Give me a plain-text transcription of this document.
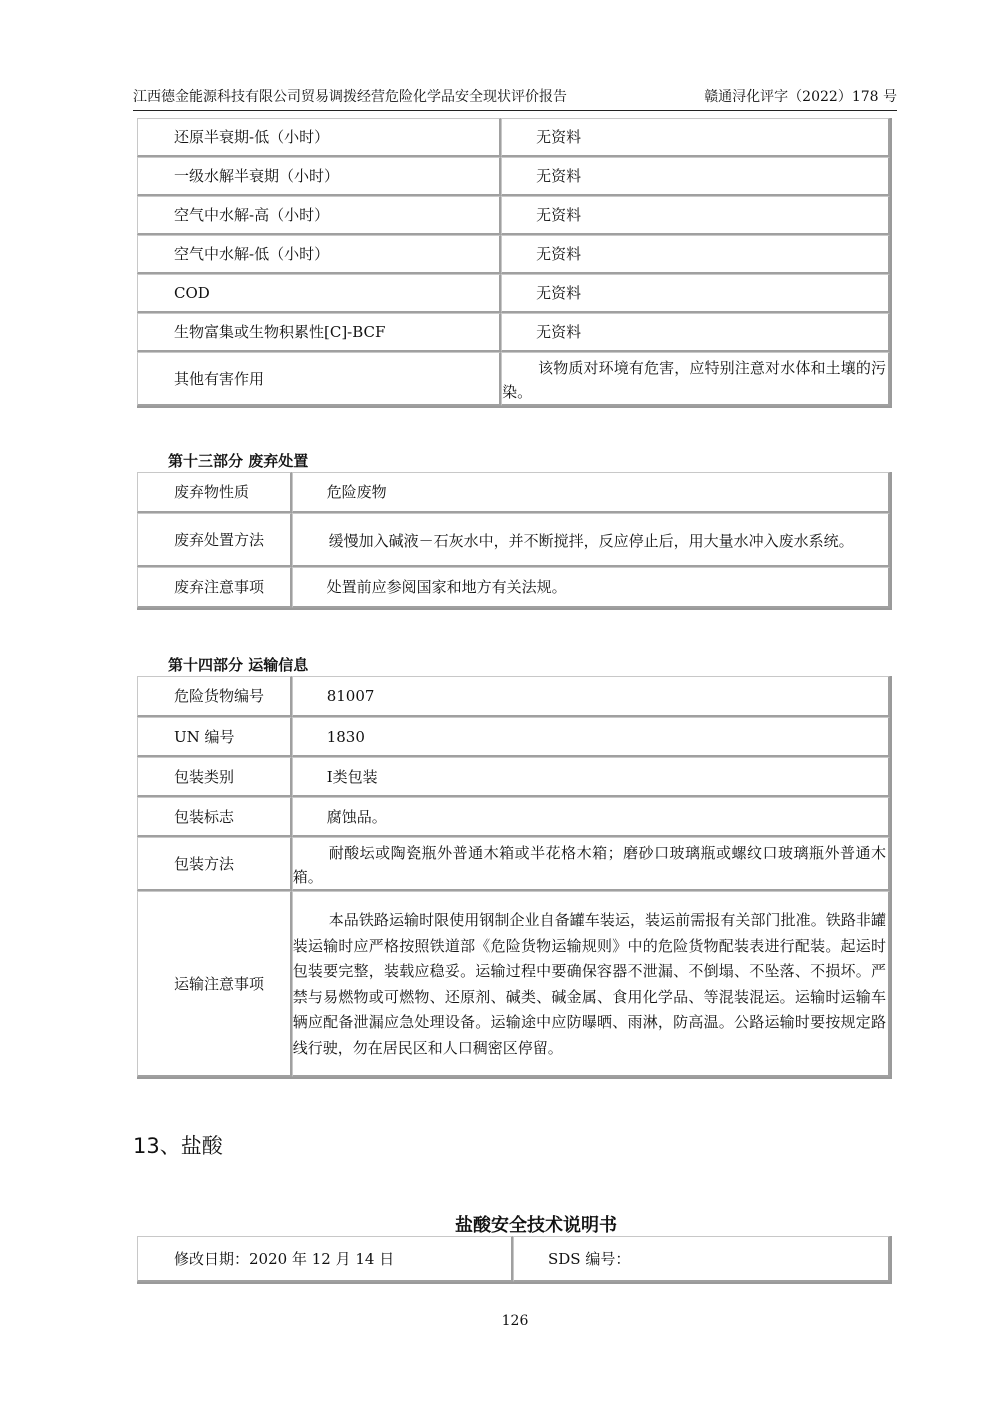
江西德金能源科技有限公司贸易调拨经营危险化学品安全现状评价报告	赣通浔化评字（2022）178 号
还原半衰期-低（小时）	无资料
一级水解半衰期（小时）	无资料
空气中水解-高（小时）	无资料
空气中水解-低（小时）	无资料
COD	无资料
生物富集或生物积累性[C]-BCF	无资料
其他有害作用	该物质对环境有危害，应特别注意对水体和土壤的污染。
第十三部分 废弃处置
废弃物性质	危险废物
废弃处置方法	缓慢加入碱液－石灰水中，并不断搅拌，反应停止后，用大量水冲入废水系统。
废弃注意事项	处置前应参阅国家和地方有关法规。
第十四部分 运输信息
危险货物编号	81007
UN 编号	1830
包装类别	Ⅰ类包装
包装标志	腐蚀品。
包装方法	耐酸坛或陶瓷瓶外普通木箱或半花格木箱；磨砂口玻璃瓶或螺纹口玻璃瓶外普通木箱。
运输注意事项	本品铁路运输时限使用钢制企业自备罐车装运，装运前需报有关部门批准。铁路非罐装运输时应严格按照铁道部《危险货物运输规则》中的危险货物配装表进行配装。起运时包装要完整，装载应稳妥。运输过程中要确保容器不泄漏、不倒塌、不坠落、不损坏。严禁与易燃物或可燃物、还原剂、碱类、碱金属、食用化学品、等混装混运。运输时运输车辆应配备泄漏应急处理设备。运输途中应防曝晒、雨淋，防高温。公路运输时要按规定路线行驶，勿在居民区和人口稠密区停留。
13、盐酸
盐酸安全技术说明书
修改日期：2020 年 12 月 14 日	SDS 编号：
126
